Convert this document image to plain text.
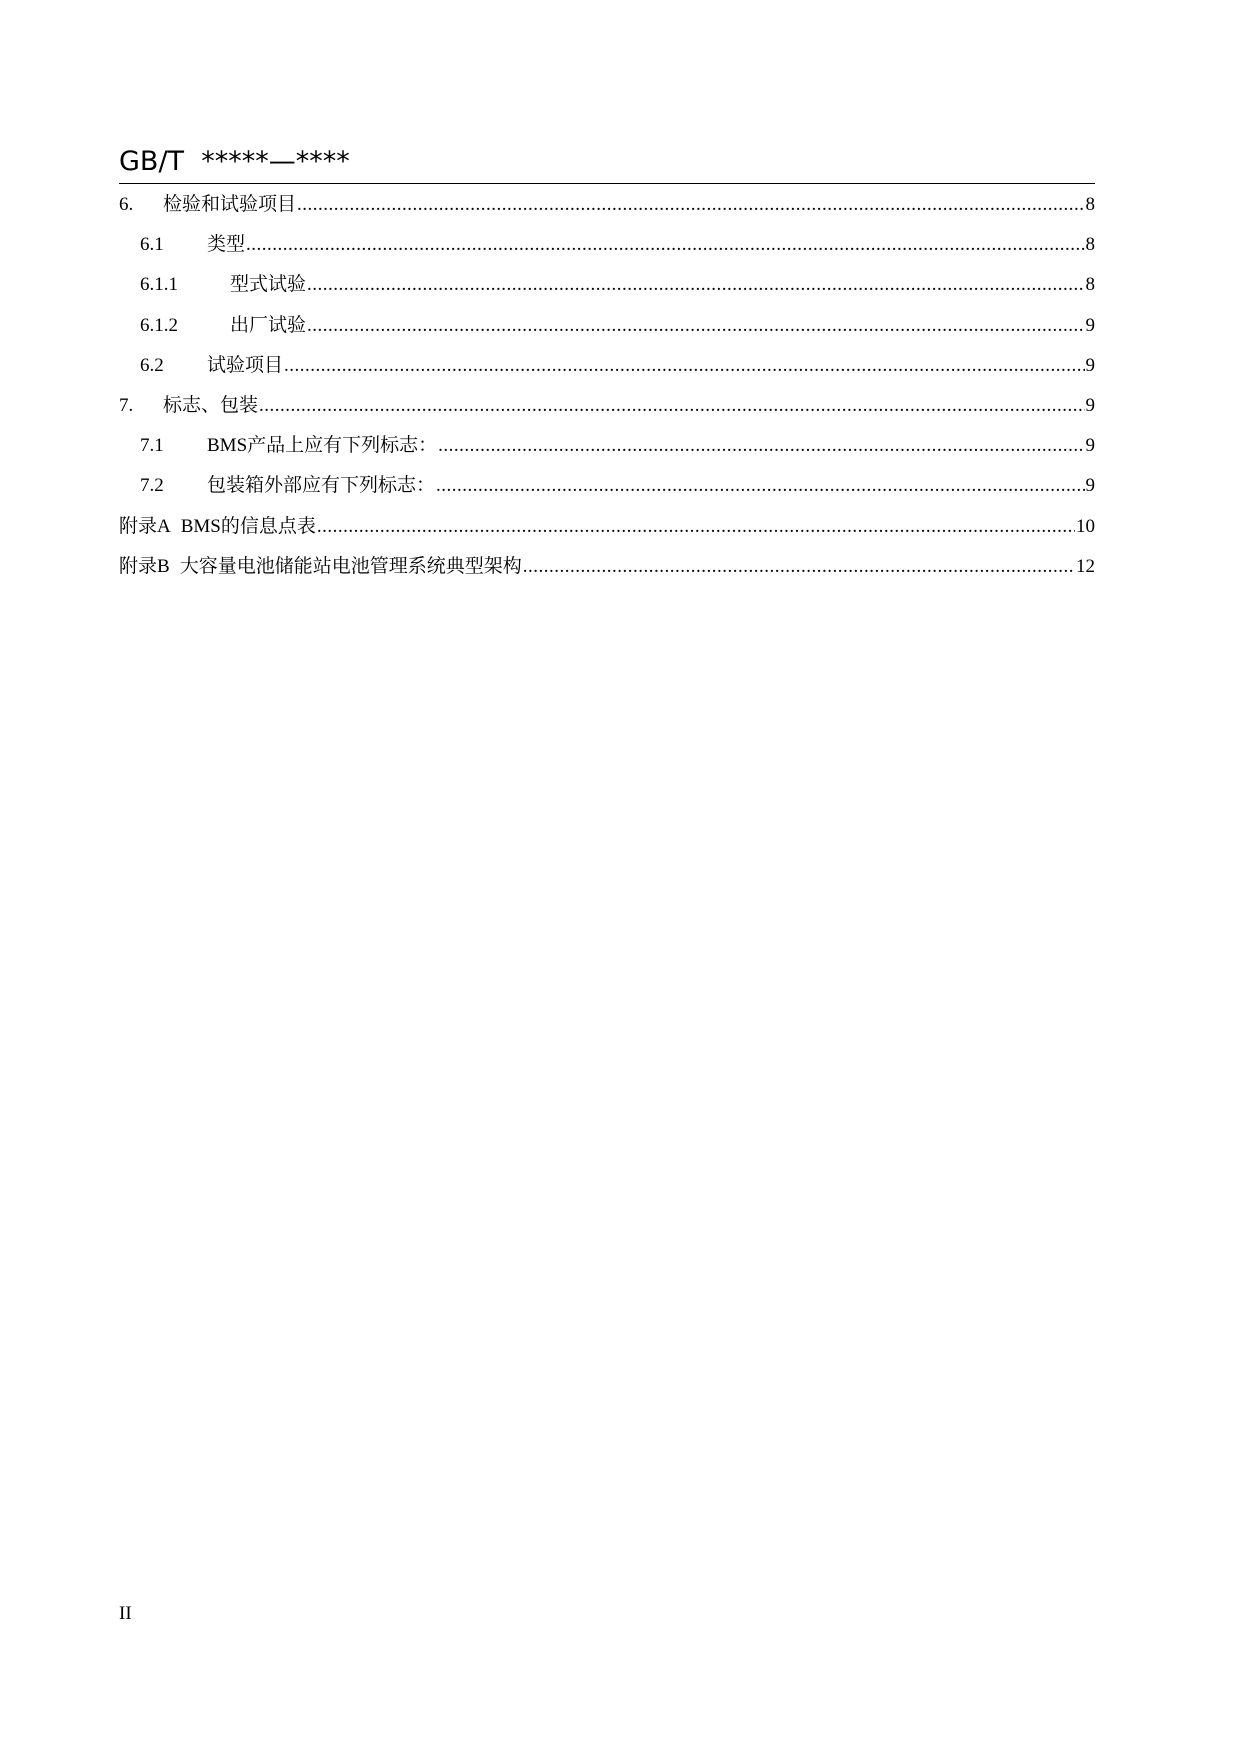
GB/T  *****—****
6.	检验和试验项目 .....	8
6.1	类型 .....	8
6.1.1	型式试验 .....	8
6.1.2	出厂试验 .....	9
6.2	试验项目 .....	9
7.	标志、包装 .....	9
7.1	BMS产品上应有下列标志： .....	9
7.2	包装箱外部应有下列标志： .....	9
附录A BMS的信息点表 .....	10
附录B 大容量电池储能站电池管理系统典型架构 .....	12
II
